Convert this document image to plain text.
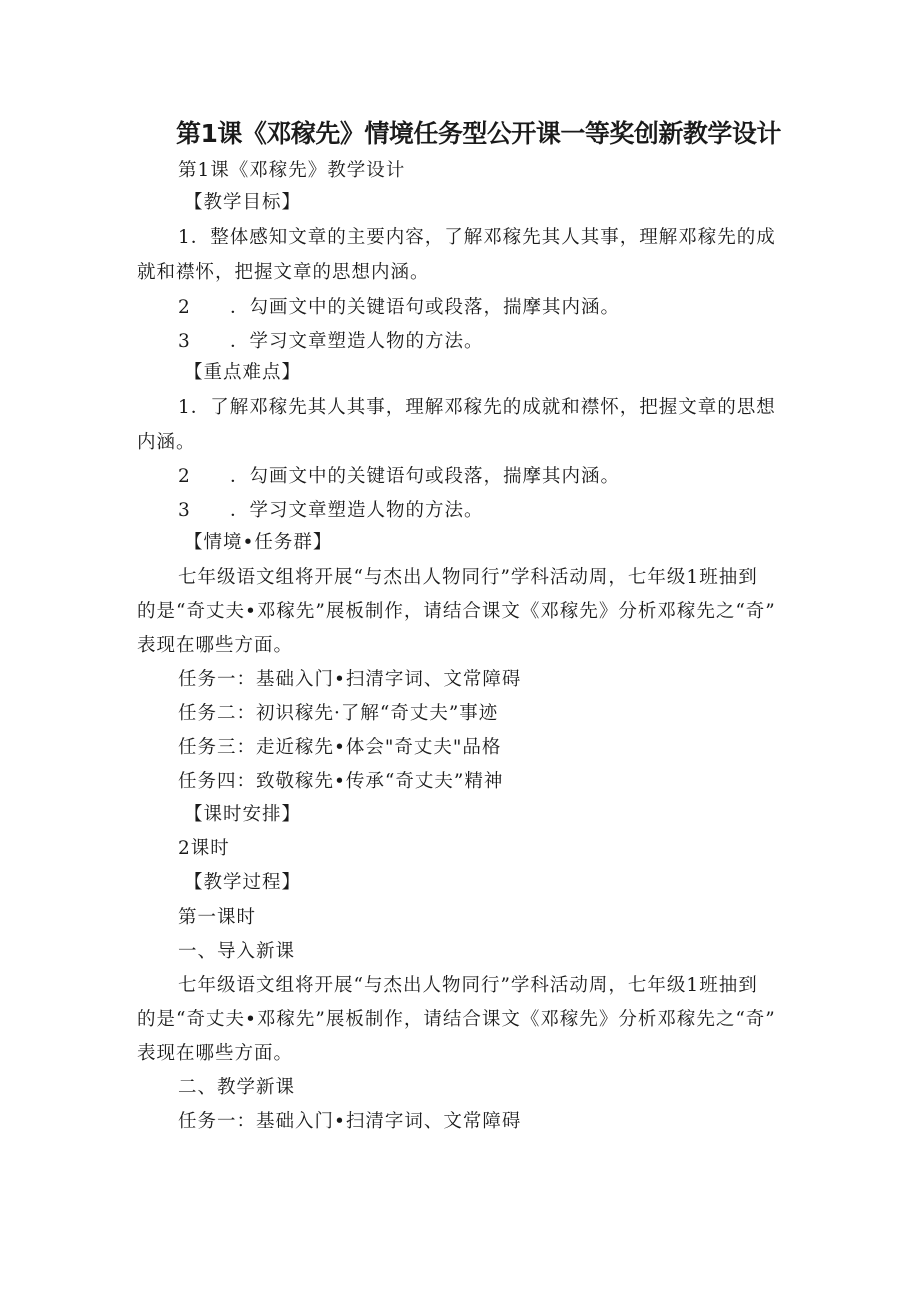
第1课《邓稼先》情境任务型公开课一等奖创新教学设计
第1课《邓稼先》教学设计
【教学目标】
1．整体感知文章的主要内容，了解邓稼先其人其事，理解邓稼先的成
就和襟怀，把握文章的思想内涵。
2 ．勾画文中的关键语句或段落，揣摩其内涵。
3 ．学习文章塑造人物的方法。
【重点难点】
1．了解邓稼先其人其事，理解邓稼先的成就和襟怀，把握文章的思想
内涵。
2 ．勾画文中的关键语句或段落，揣摩其内涵。
3 ．学习文章塑造人物的方法。
【情境•任务群】
七年级语文组将开展“与杰出人物同行”学科活动周，七年级1班抽到
的是“奇丈夫•邓稼先”展板制作，请结合课文《邓稼先》分析邓稼先之“奇”
表现在哪些方面。
任务一：基础入门•扫清字词、文常障碍
任务二：初识稼先·了解“奇丈夫”事迹
任务三：走近稼先•体会"奇丈夫"品格
任务四：致敬稼先•传承“奇丈夫”精神
【课时安排】
2课时
【教学过程】
第一课时
一、导入新课
七年级语文组将开展“与杰出人物同行”学科活动周，七年级1班抽到
的是“奇丈夫•邓稼先”展板制作，请结合课文《邓稼先》分析邓稼先之“奇”
表现在哪些方面。
二、教学新课
任务一：基础入门•扫清字词、文常障碍
